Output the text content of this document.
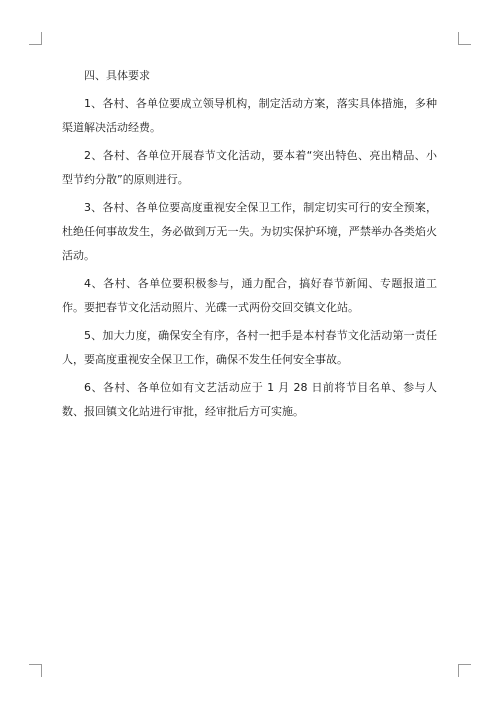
四、具体要求

1、各村、各单位要成立领导机构，制定活动方案，落实具体措施，多种渠道解决活动经费。

2、各村、各单位开展春节文化活动，要本着“突出特色、亮出精品、小型节约分散”的原则进行。

3、各村、各单位要高度重视安全保卫工作，制定切实可行的安全预案，杜绝任何事故发生，务必做到万无一失。为切实保护环境，严禁举办各类焰火活动。

4、各村、各单位要积极参与，通力配合，搞好春节新闻、专题报道工作。要把春节文化活动照片、光碟一式两份交回交镇文化站。

5、加大力度，确保安全有序，各村一把手是本村春节文化活动第一责任人，要高度重视安全保卫工作，确保不发生任何安全事故。

6、各村、各单位如有文艺活动应于 1 月 28 日前将节目名单、参与人数、报回镇文化站进行审批，经审批后方可实施。
